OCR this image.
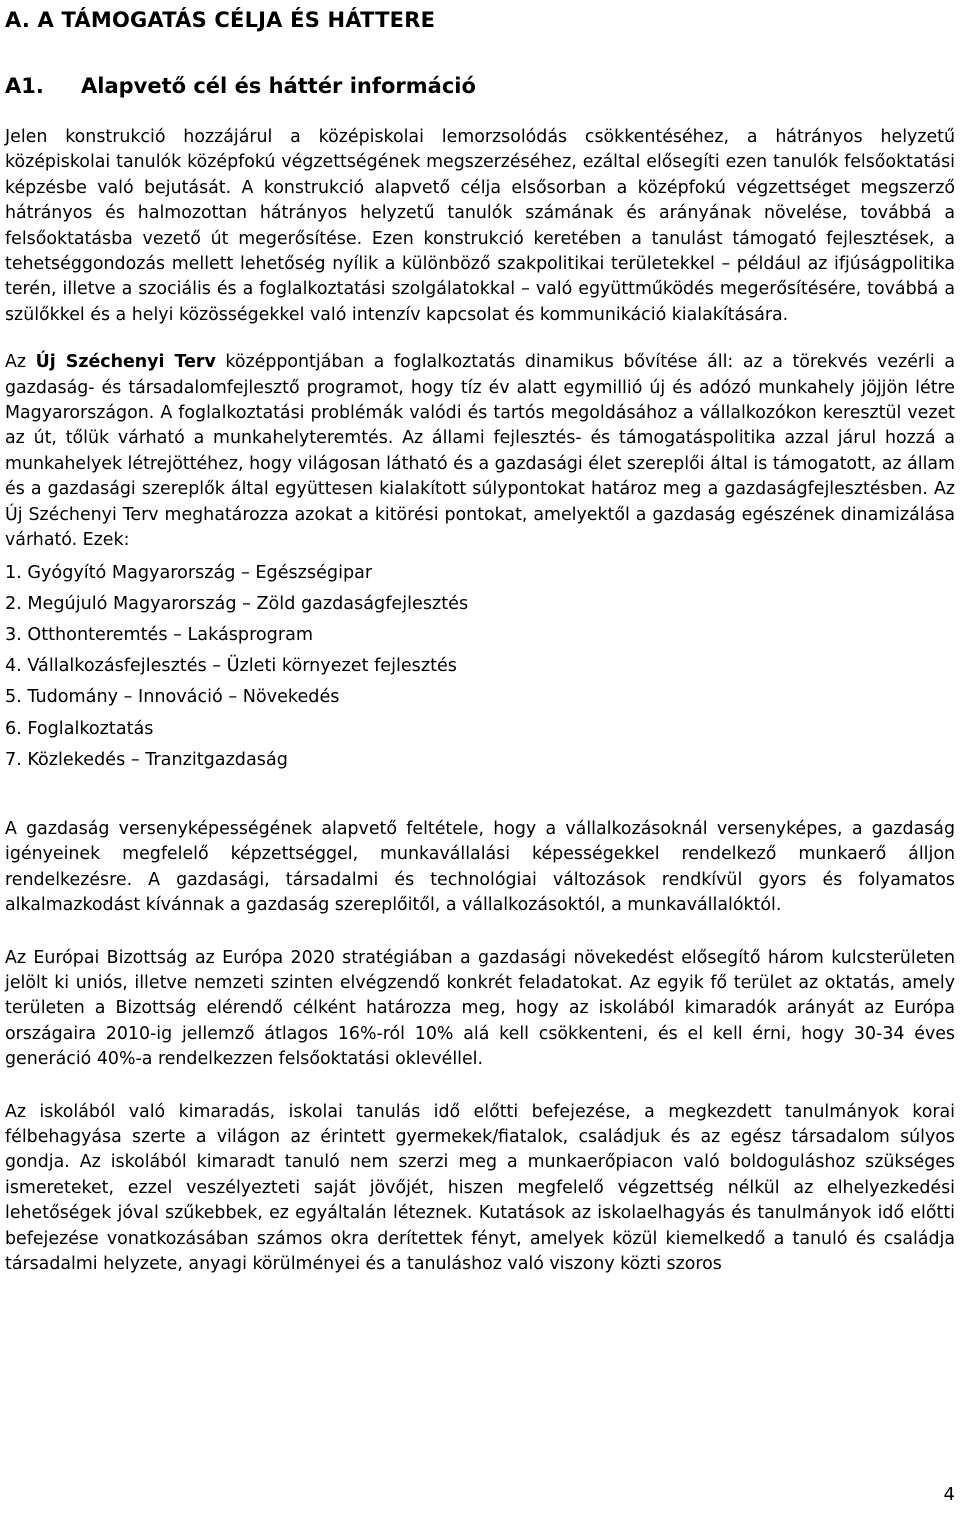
A. A TÁMOGATÁS CÉLJA ÉS HÁTTERE
A1. Alapvető cél és háttér információ

Jelen konstrukció hozzájárul a középiskolai lemorzsolódás csökkentéséhez, a hátrányos helyzetű középiskolai tanulók középfokú végzettségének megszerzéséhez, ezáltal elősegíti ezen tanulók felsőoktatási képzésbe való bejutását. A konstrukció alapvető célja elsősorban a középfokú végzettséget megszerző hátrányos és halmozottan hátrányos helyzetű tanulók számának és arányának növelése, továbbá a felsőoktatásba vezető út megerősítése. Ezen konstrukció keretében a tanulást támogató fejlesztések, a tehetséggondozás mellett lehetőség nyílik a különböző szakpolitikai területekkel – például az ifjúságpolitika terén, illetve a szociális és a foglalkoztatási szolgálatokkal – való együttműködés megerősítésére, továbbá a szülőkkel és a helyi közösségekkel való intenzív kapcsolat és kommunikáció kialakítására.

Az Új Széchenyi Terv középpontjában a foglalkoztatás dinamikus bővítése áll: az a törekvés vezérli a gazdaság- és társadalomfejlesztő programot, hogy tíz év alatt egymillió új és adózó munkahely jöjjön létre Magyarországon. A foglalkoztatási problémák valódi és tartós megoldásához a vállalkozókon keresztül vezet az út, tőlük várható a munkahelyteremtés. Az állami fejlesztés- és támogatáspolitika azzal járul hozzá a munkahelyek létrejöttéhez, hogy világosan látható és a gazdasági élet szereplői által is támogatott, az állam és a gazdasági szereplők által együttesen kialakított súlypontokat határoz meg a gazdaságfejlesztésben. Az Új Széchenyi Terv meghatározza azokat a kitörési pontokat, amelyektől a gazdaság egészének dinamizálása várható. Ezek:

1. Gyógyító Magyarország – Egészségipar
2. Megújuló Magyarország – Zöld gazdaságfejlesztés
3. Otthonteremtés – Lakásprogram
4. Vállalkozásfejlesztés – Üzleti környezet fejlesztés
5. Tudomány – Innováció – Növekedés
6. Foglalkoztatás
7. Közlekedés – Tranzitgazdaság

A gazdaság versenyképességének alapvető feltétele, hogy a vállalkozásoknál versenyképes, a gazdaság igényeinek megfelelő képzettséggel, munkavállalási képességekkel rendelkező munkaerő álljon rendelkezésre. A gazdasági, társadalmi és technológiai változások rendkívül gyors és folyamatos alkalmazkodást kívánnak a gazdaság szereplőitől, a vállalkozásoktól, a munkavállalóktól.

Az Európai Bizottság az Európa 2020 stratégiában a gazdasági növekedést elősegítő három kulcsterületen jelölt ki uniós, illetve nemzeti szinten elvégzendő konkrét feladatokat. Az egyik fő terület az oktatás, amely területen a Bizottság elérendő célként határozza meg, hogy az iskolából kimaradók arányát az Európa országaira 2010-ig jellemző átlagos 16%-ról 10% alá kell csökkenteni, és el kell érni, hogy 30-34 éves generáció 40%-a rendelkezzen felsőoktatási oklevéllel.

Az iskolából való kimaradás, iskolai tanulás idő előtti befejezése, a megkezdett tanulmányok korai félbehagyása szerte a világon az érintett gyermekek/fiatalok, családjuk és az egész társadalom súlyos gondja. Az iskolából kimaradt tanuló nem szerzi meg a munkaerőpiacon való boldoguláshoz szükséges ismereteket, ezzel veszélyezteti saját jövőjét, hiszen megfelelő végzettség nélkül az elhelyezkedési lehetőségek jóval szűkebbek, ez egyáltalán léteznek. Kutatások az iskolaelhagyás és tanulmányok idő előtti befejezése vonatkozásában számos okra derítettek fényt, amelyek közül kiemelkedő a tanuló és családja társadalmi helyzete, anyagi körülményei és a tanuláshoz való viszony közti szoros

4
